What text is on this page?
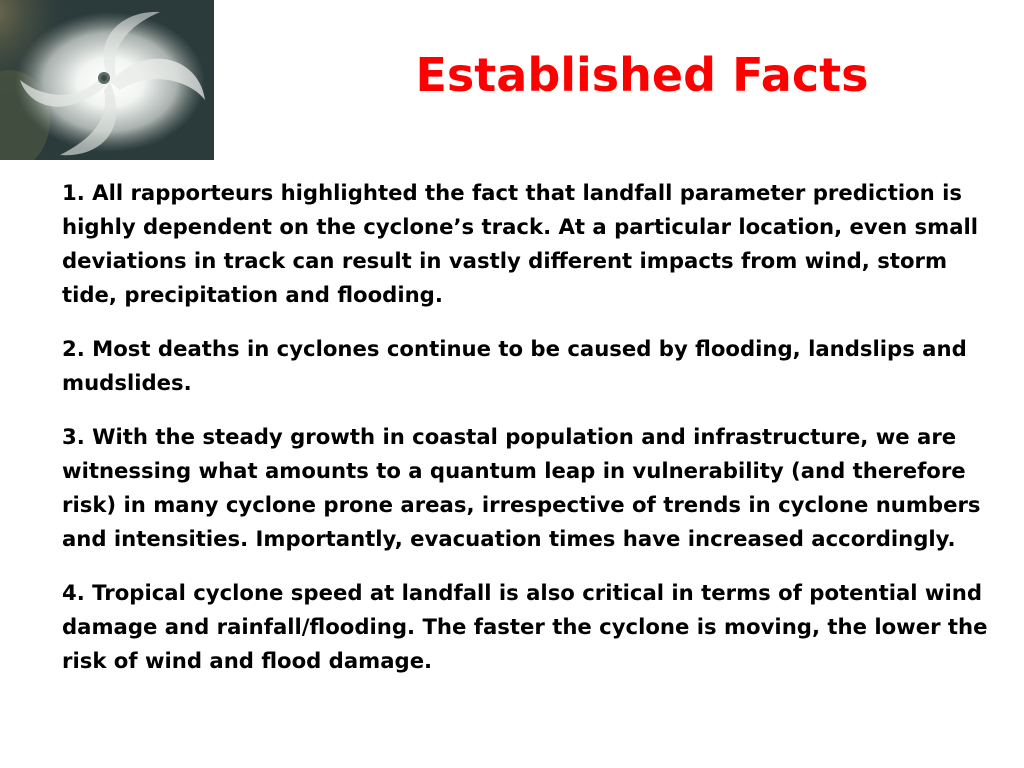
Established Facts

1. All rapporteurs highlighted the fact that landfall parameter prediction is highly dependent on the cyclone’s track. At a particular location, even small deviations in track can result in vastly different impacts from wind, storm tide, precipitation and flooding.

2. Most deaths in cyclones continue to be caused by flooding, landslips and mudslides.

3. With the steady growth in coastal population and infrastructure, we are witnessing what amounts to a quantum leap in vulnerability (and therefore risk) in many cyclone prone areas, irrespective of trends in cyclone numbers and intensities. Importantly, evacuation times have increased accordingly.

4. Tropical cyclone speed at landfall is also critical in terms of potential wind damage and rainfall/flooding. The faster the cyclone is moving, the lower the risk of wind and flood damage.
